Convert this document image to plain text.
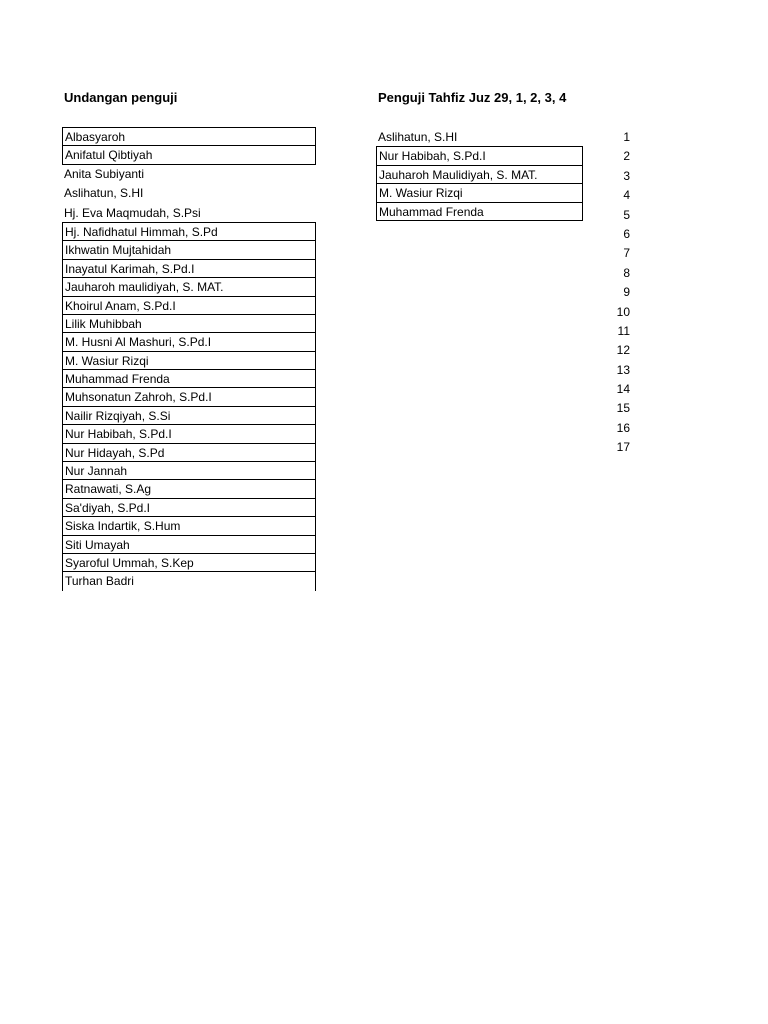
Undangan penguji	Penguji Tahfiz Juz 29, 1, 2, 3, 4
Albasyaroh
Anifatul Qibtiyah
Anita Subiyanti
Aslihatun, S.HI
Hj. Eva Maqmudah, S.Psi
Hj. Nafidhatul Himmah, S.Pd
Ikhwatin Mujtahidah
Inayatul Karimah, S.Pd.I
Jauharoh maulidiyah, S. MAT.
Khoirul Anam, S.Pd.I
Lilik Muhibbah
M. Husni Al Mashuri, S.Pd.I
M. Wasiur Rizqi
Muhammad Frenda
Muhsonatun Zahroh, S.Pd.I
Nailir Rizqiyah, S.Si
Nur Habibah, S.Pd.I
Nur Hidayah, S.Pd
Nur Jannah
Ratnawati, S.Ag
Sa'diyah, S.Pd.I
Siska Indartik, S.Hum
Siti Umayah
Syaroful Ummah, S.Kep
Turhan Badri
Aslihatun, S.HI
Nur Habibah, S.Pd.I
Jauharoh Maulidiyah, S. MAT.
M. Wasiur Rizqi
Muhammad Frenda
1
2
3
4
5
6
7
8
9
10
11
12
13
14
15
16
17
